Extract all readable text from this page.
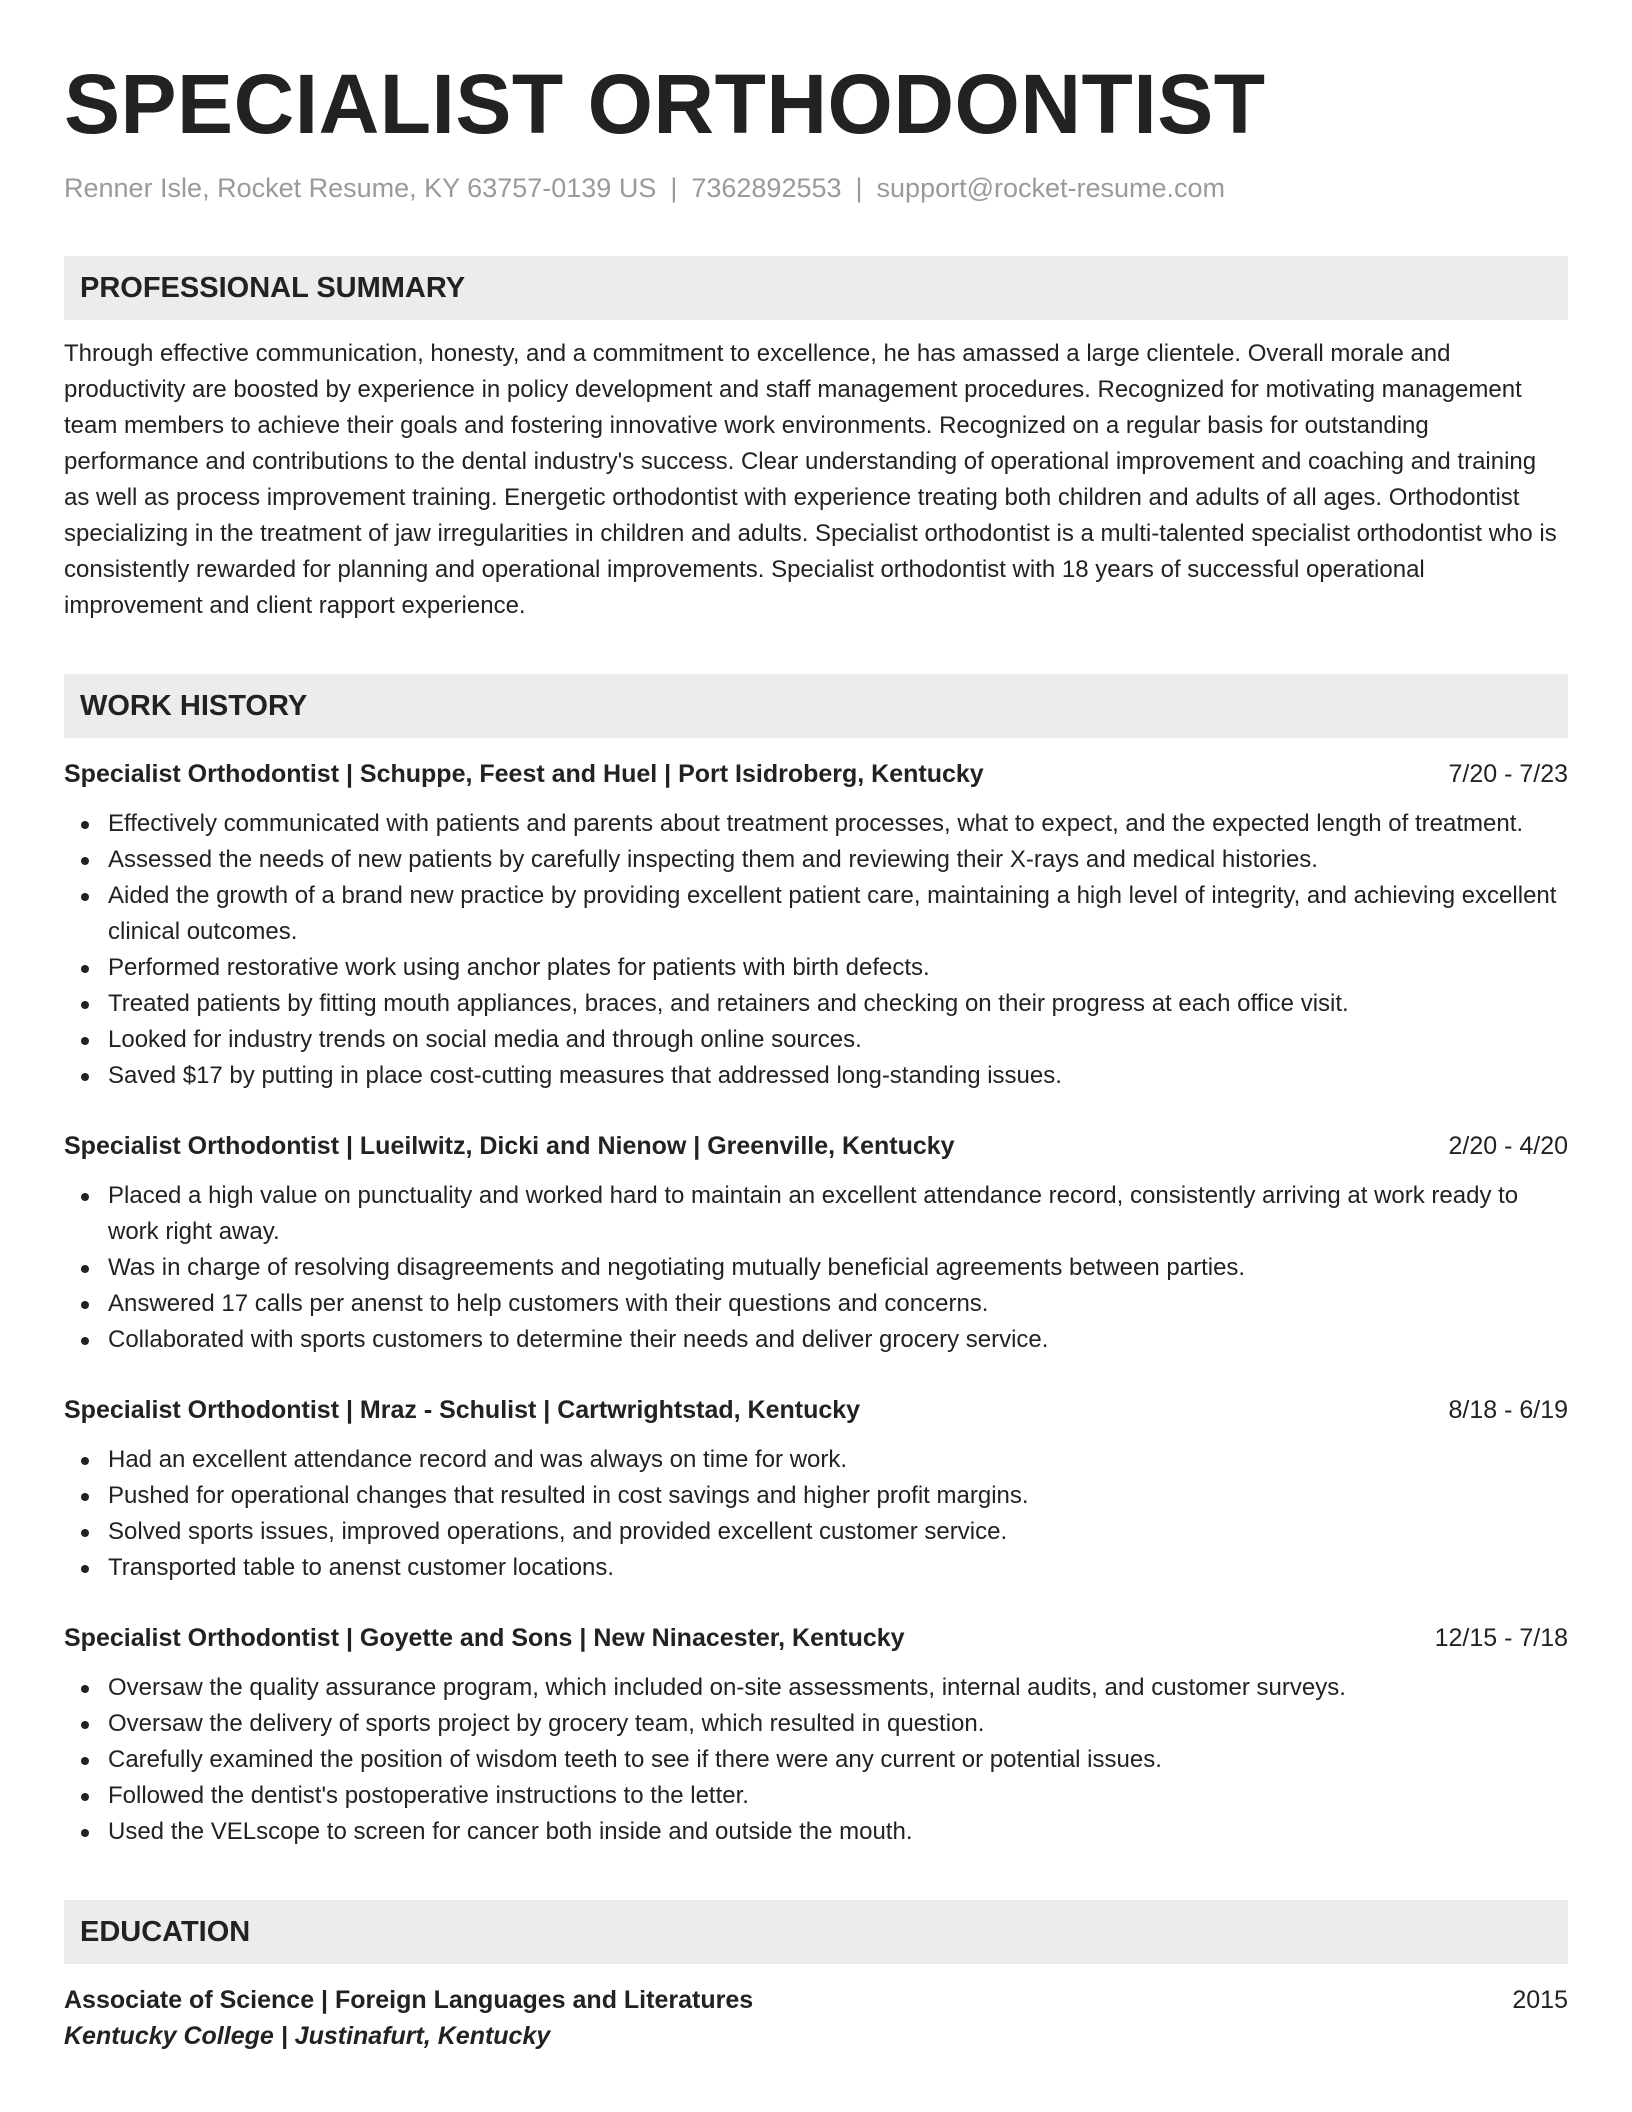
SPECIALIST ORTHODONTIST
Renner Isle, Rocket Resume, KY 63757-0139 US | 7362892553 | support@rocket-resume.com
PROFESSIONAL SUMMARY
Through effective communication, honesty, and a commitment to excellence, he has amassed a large clientele. Overall morale and productivity are boosted by experience in policy development and staff management procedures. Recognized for motivating management team members to achieve their goals and fostering innovative work environments. Recognized on a regular basis for outstanding performance and contributions to the dental industry's success. Clear understanding of operational improvement and coaching and training as well as process improvement training. Energetic orthodontist with experience treating both children and adults of all ages. Orthodontist specializing in the treatment of jaw irregularities in children and adults. Specialist orthodontist is a multi-talented specialist orthodontist who is consistently rewarded for planning and operational improvements. Specialist orthodontist with 18 years of successful operational improvement and client rapport experience.
WORK HISTORY
Specialist Orthodontist | Schuppe, Feest and Huel | Port Isidroberg, Kentucky	7/20 - 7/23
Effectively communicated with patients and parents about treatment processes, what to expect, and the expected length of treatment.
Assessed the needs of new patients by carefully inspecting them and reviewing their X-rays and medical histories.
Aided the growth of a brand new practice by providing excellent patient care, maintaining a high level of integrity, and achieving excellent clinical outcomes.
Performed restorative work using anchor plates for patients with birth defects.
Treated patients by fitting mouth appliances, braces, and retainers and checking on their progress at each office visit.
Looked for industry trends on social media and through online sources.
Saved $17 by putting in place cost-cutting measures that addressed long-standing issues.
Specialist Orthodontist | Lueilwitz, Dicki and Nienow | Greenville, Kentucky	2/20 - 4/20
Placed a high value on punctuality and worked hard to maintain an excellent attendance record, consistently arriving at work ready to work right away.
Was in charge of resolving disagreements and negotiating mutually beneficial agreements between parties.
Answered 17 calls per anenst to help customers with their questions and concerns.
Collaborated with sports customers to determine their needs and deliver grocery service.
Specialist Orthodontist | Mraz - Schulist | Cartwrightstad, Kentucky	8/18 - 6/19
Had an excellent attendance record and was always on time for work.
Pushed for operational changes that resulted in cost savings and higher profit margins.
Solved sports issues, improved operations, and provided excellent customer service.
Transported table to anenst customer locations.
Specialist Orthodontist | Goyette and Sons | New Ninacester, Kentucky	12/15 - 7/18
Oversaw the quality assurance program, which included on-site assessments, internal audits, and customer surveys.
Oversaw the delivery of sports project by grocery team, which resulted in question.
Carefully examined the position of wisdom teeth to see if there were any current or potential issues.
Followed the dentist's postoperative instructions to the letter.
Used the VELscope to screen for cancer both inside and outside the mouth.
EDUCATION
Associate of Science | Foreign Languages and Literatures	2015
Kentucky College | Justinafurt, Kentucky
